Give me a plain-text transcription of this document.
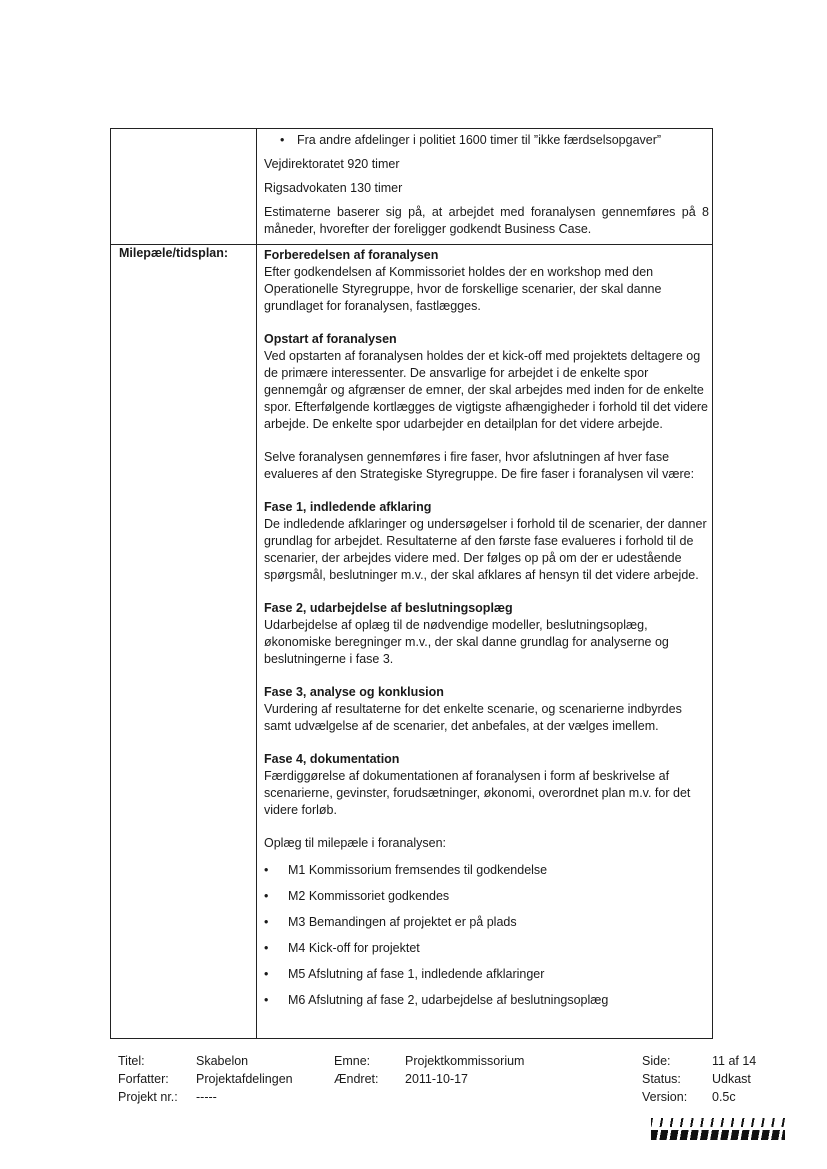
• Fra andre afdelinger i politiet 1600 timer til ”ikke færdselsopgaver”

Vejdirektoratet 920 timer

Rigsadvokaten 130 timer

Estimaterne baserer sig på, at arbejdet med foranalysen gennemføres på 8 måneder, hvorefter der foreligger godkendt Business Case.

Milepæle/tidsplan:	Forberedelsen af foranalysen

Efter godkendelsen af Kommissoriet holdes der en workshop med den Operationelle Styregruppe, hvor de forskellige scenarier, der skal danne grundlaget for foranalysen, fastlægges.

Opstart af foranalysen

Ved opstarten af foranalysen holdes der et kick-off med projektets deltagere og de primære interessenter. De ansvarlige for arbejdet i de enkelte spor gennemgår og afgrænser de emner, der skal arbejdes med inden for de enkelte spor. Efterfølgende kortlægges de vigtigste afhængigheder i forhold til det videre arbejde. De enkelte spor udarbejder en detailplan for det videre arbejde.

Selve foranalysen gennemføres i fire faser, hvor afslutningen af hver fase evalueres af den Strategiske Styregruppe. De fire faser i foranalysen vil være:

Fase 1, indledende afklaring

De indledende afklaringer og undersøgelser i forhold til de scenarier, der danner grundlag for arbejdet. Resultaterne af den første fase evalueres i forhold til de scenarier, der arbejdes videre med. Der følges op på om der er udestående spørgsmål, beslutninger m.v., der skal afklares af hensyn til det videre arbejde.

Fase 2, udarbejdelse af beslutningsoplæg

Udarbejdelse af oplæg til de nødvendige modeller, beslutningsoplæg, økonomiske beregninger m.v., der skal danne grundlag for analyserne og beslutningerne i fase 3.

Fase 3, analyse og konklusion

Vurdering af resultaterne for det enkelte scenarie, og scenarierne indbyrdes samt udvælgelse af de scenarier, det anbefales, at der vælges imellem.

Fase 4, dokumentation

Færdiggørelse af dokumentationen af foranalysen i form af beskrivelse af scenarierne, gevinster, forudsætninger, økonomi, overordnet plan m.v. for det videre forløb.

Oplæg til milepæle i foranalysen:

• M1 Kommissorium fremsendes til godkendelse
• M2 Kommissoriet godkendes
• M3 Bemandingen af projektet er på plads
• M4 Kick-off for projektet
• M5 Afslutning af fase 1, indledende afklaringer
• M6 Afslutning af fase 2, udarbejdelse af beslutningsoplæg
Titel:
Forfatter:
Projekt nr.:
Skabelon
Projektafdelingen
-----
Emne:
Ændret:
Projektkommissorium
2011-10-17
Side:
Status:
Version:
11 af 14
Udkast
0.5c
